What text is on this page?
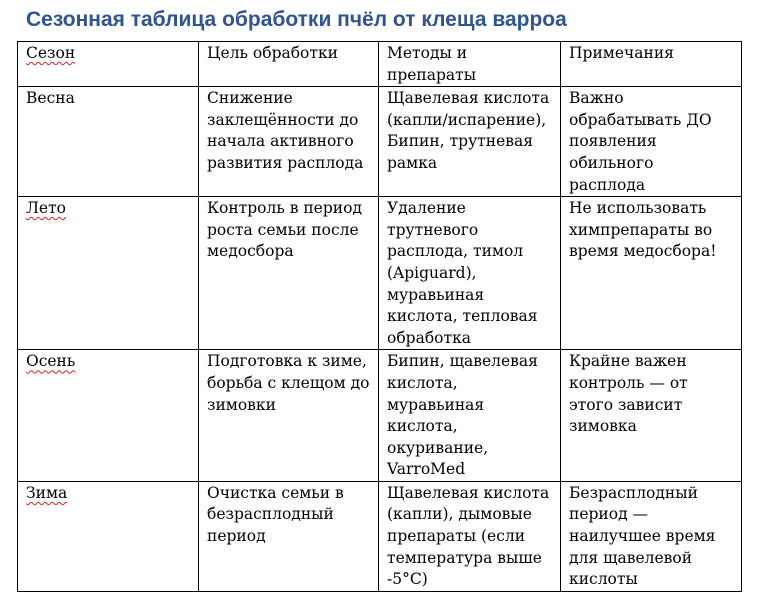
Сезонная таблица обработки пчёл от клеща варроа
Сезон	Цель обработки	Методы и препараты	Примечания
Весна	Снижение заклещённости до начала активного развития расплода	Щавелевая кислота (капли/испарение), Бипин, трутневая рамка	Важно обрабатывать ДО появления обильного расплода
Лето	Контроль в период роста семьи после медосбора	Удаление трутневого расплода, тимол (Apiguard), муравьиная кислота, тепловая обработка	Не использовать химпрепараты во время медосбора!
Осень	Подготовка к зиме, борьба с клещом до зимовки	Бипин, щавелевая кислота, муравьиная кислота, окуривание, VarroMed	Крайне важен контроль — от этого зависит зимовка
Зима	Очистка семьи в безрасплодный период	Щавелевая кислота (капли), дымовые препараты (если температура выше -5°C)	Безрасплодный период — наилучшее время для щавелевой кислоты
